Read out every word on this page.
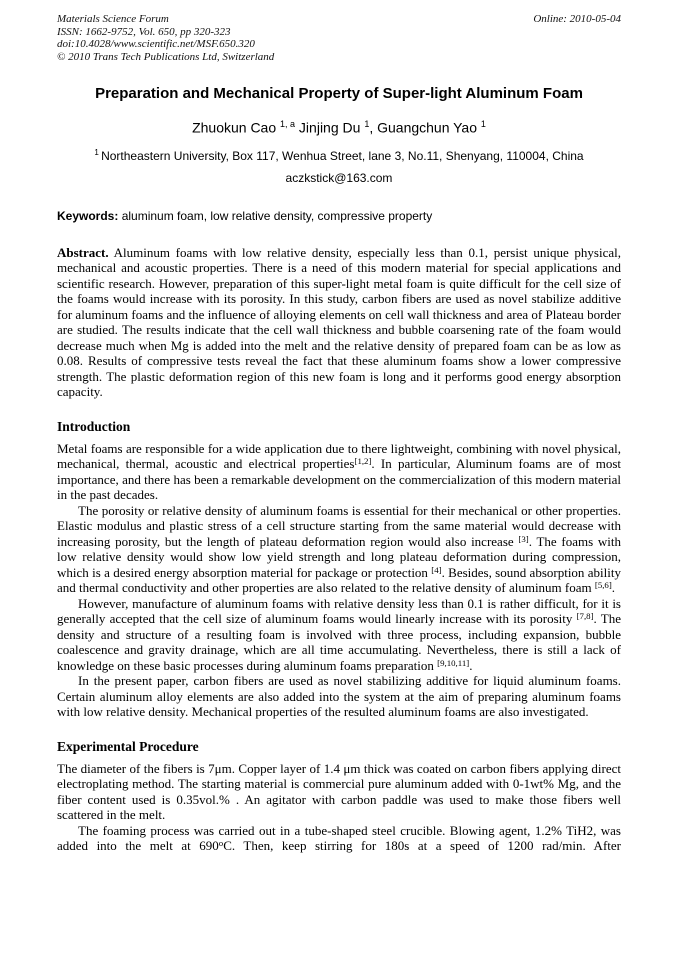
Materials Science Forum
ISSN: 1662-9752, Vol. 650, pp 320-323
doi:10.4028/www.scientific.net/MSF.650.320
© 2010 Trans Tech Publications Ltd, Switzerland
Online: 2010-05-04
Preparation and Mechanical Property of Super-light Aluminum Foam
Zhuokun Cao $^{1, a}$ Jinjing Du $^1$, Guangchun Yao $^1$
$^1$ Northeastern University, Box 117, Wenhua Street, lane 3, No.11, Shenyang, 110004, China
aczkstick@163.com
Keywords: aluminum foam, low relative density, compressive property

Abstract. Aluminum foams with low relative density, especially less than 0.1, persist unique physical, mechanical and acoustic properties. There is a need of this modern material for special applications and scientific research. However, preparation of this super-light metal foam is quite difficult for the cell size of the foams would increase with its porosity. In this study, carbon fibers are used as novel stabilize additive for aluminum foams and the influence of alloying elements on cell wall thickness and area of Plateau border are studied. The results indicate that the cell wall thickness and bubble coarsening rate of the foam would decrease much when Mg is added into the melt and the relative density of prepared foam can be as low as 0.08. Results of compressive tests reveal the fact that these aluminum foams show a lower compressive strength. The plastic deformation region of this new foam is long and it performs good energy absorption capacity.

Introduction

Metal foams are responsible for a wide application due to there lightweight, combining with novel physical, mechanical, thermal, acoustic and electrical properties[1,2]. In particular, Aluminum foams are of most importance, and there has been a remarkable development on the commercialization of this modern material in the past decades.

The porosity or relative density of aluminum foams is essential for their mechanical or other properties. Elastic modulus and plastic stress of a cell structure starting from the same material would decrease with increasing porosity, but the length of plateau deformation region would also increase [3]. The foams with low relative density would show low yield strength and long plateau deformation during compression, which is a desired energy absorption material for package or protection [4]. Besides, sound absorption ability and thermal conductivity and other properties are also related to the relative density of aluminum foam [5,6].

However, manufacture of aluminum foams with relative density less than 0.1 is rather difficult, for it is generally accepted that the cell size of aluminum foams would linearly increase with its porosity [7,8]. The density and structure of a resulting foam is involved with three process, including expansion, bubble coalescence and gravity drainage, which are all time accumulating. Nevertheless, there is still a lack of knowledge on these basic processes during aluminum foams preparation [9,10,11].

In the present paper, carbon fibers are used as novel stabilizing additive for liquid aluminum foams. Certain aluminum alloy elements are also added into the system at the aim of preparing aluminum foams with low relative density. Mechanical properties of the resulted aluminum foams are also investigated.

Experimental Procedure

The diameter of the fibers is 7μm. Copper layer of 1.4 μm thick was coated on carbon fibers applying direct electroplating method. The starting material is commercial pure aluminum added with 0-1wt% Mg, and the fiber content used is 0.35vol.% . An agitator with carbon paddle was used to make those fibers well scattered in the melt.

The foaming process was carried out in a tube-shaped steel crucible. Blowing agent, 1.2% TiH2, was added into the melt at 690$^o$C. Then, keep stirring for 180s at a speed of 1200 rad/min. After
